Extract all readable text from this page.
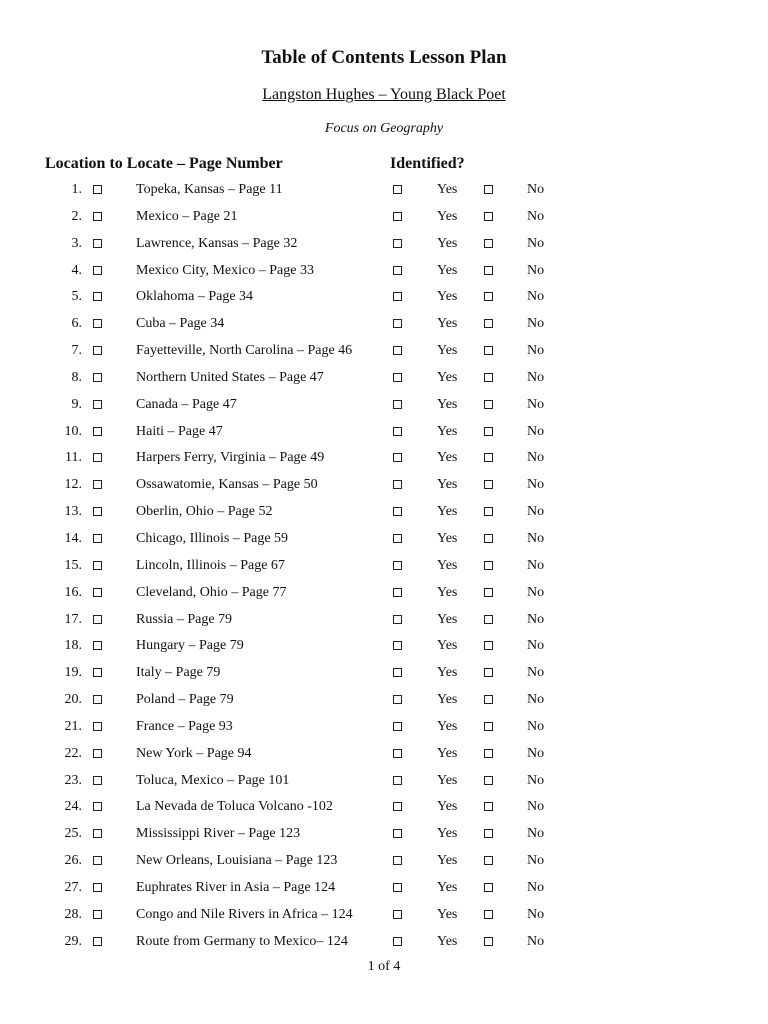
Table of Contents Lesson Plan
Langston Hughes – Young Black Poet
Focus on Geography
Location to Locate – Page Number	Identified?
1.	Topeka, Kansas – Page 11	Yes	No
2.	Mexico – Page 21	Yes	No
3.	Lawrence, Kansas – Page 32	Yes	No
4.	Mexico City, Mexico – Page 33	Yes	No
5.	Oklahoma – Page 34	Yes	No
6.	Cuba – Page 34	Yes	No
7.	Fayetteville, North Carolina – Page 46	Yes	No
8.	Northern United States – Page 47	Yes	No
9.	Canada – Page 47	Yes	No
10.	Haiti – Page 47	Yes	No
11.	Harpers Ferry, Virginia – Page 49	Yes	No
12.	Ossawatomie, Kansas – Page 50	Yes	No
13.	Oberlin, Ohio – Page 52	Yes	No
14.	Chicago, Illinois – Page 59	Yes	No
15.	Lincoln, Illinois – Page 67	Yes	No
16.	Cleveland, Ohio – Page 77	Yes	No
17.	Russia – Page 79	Yes	No
18.	Hungary – Page 79	Yes	No
19.	Italy – Page 79	Yes	No
20.	Poland – Page 79	Yes	No
21.	France – Page 93	Yes	No
22.	New York – Page 94	Yes	No
23.	Toluca, Mexico – Page 101	Yes	No
24.	La Nevada de Toluca Volcano -102	Yes	No
25.	Mississippi River – Page 123	Yes	No
26.	New Orleans, Louisiana – Page 123	Yes	No
27.	Euphrates River in Asia – Page 124	Yes	No
28.	Congo and Nile Rivers in Africa – 124	Yes	No
29.	Route from Germany to Mexico– 124	Yes	No
1 of 4
